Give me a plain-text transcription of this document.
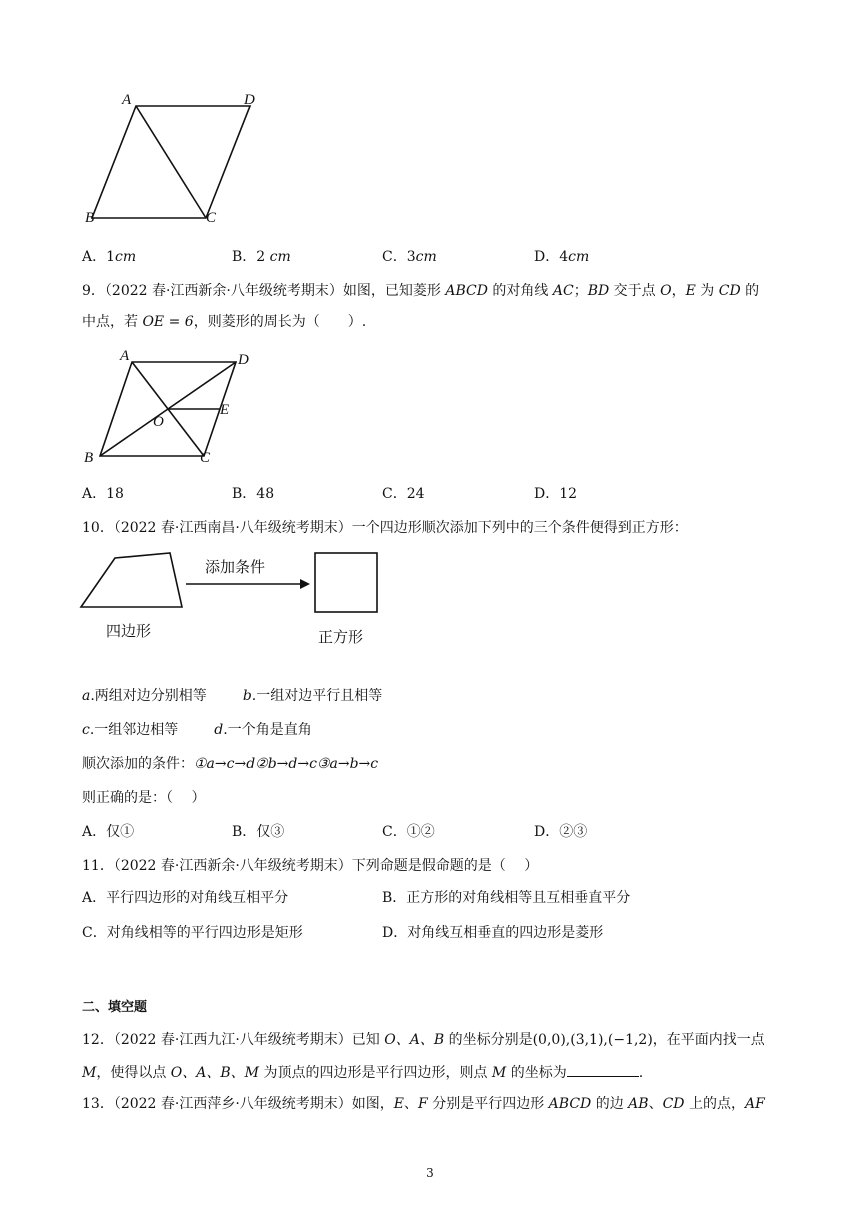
A	D
B	C
A．1cm	B．2 cm	C．3cm	D．4cm
9．（2022 春·江西新余·八年级统考期末）如图，已知菱形 ABCD 的对角线 AC；BD 交于点 O，E 为 CD 的
中点，若 OE = 6，则菱形的周长为（　　）.
A	D
E
O
B	C
A．18	B．48	C．24	D．12
10．（2022 春·江西南昌·八年级统考期末）一个四边形顺次添加下列中的三个条件便得到正方形：
添加条件
四边形	正方形
a.两组对边分别相等	b.一组对边平行且相等
c.一组邻边相等	d.一个角是直角
顺次添加的条件：①a→c→d②b→d→c③a→b→c
则正确的是：（　 ）
A．仅①	B．仅③	C．①②	D．②③
11．（2022 春·江西新余·八年级统考期末）下列命题是假命题的是（　 ）
A．平行四边形的对角线互相平分	B．正方形的对角线相等且互相垂直平分
C．对角线相等的平行四边形是矩形	D．对角线互相垂直的四边形是菱形
二、填空题
12．（2022 春·江西九江·八年级统考期末）已知 O、A、B 的坐标分别是(0,0),(3,1),(−1,2)，在平面内找一点
M，使得以点 O、A、B、M 为顶点的四边形是平行四边形，则点 M 的坐标为	.
13．（2022 春·江西萍乡·八年级统考期末）如图，E、F 分别是平行四边形 ABCD 的边 AB、CD 上的点，AF
3
